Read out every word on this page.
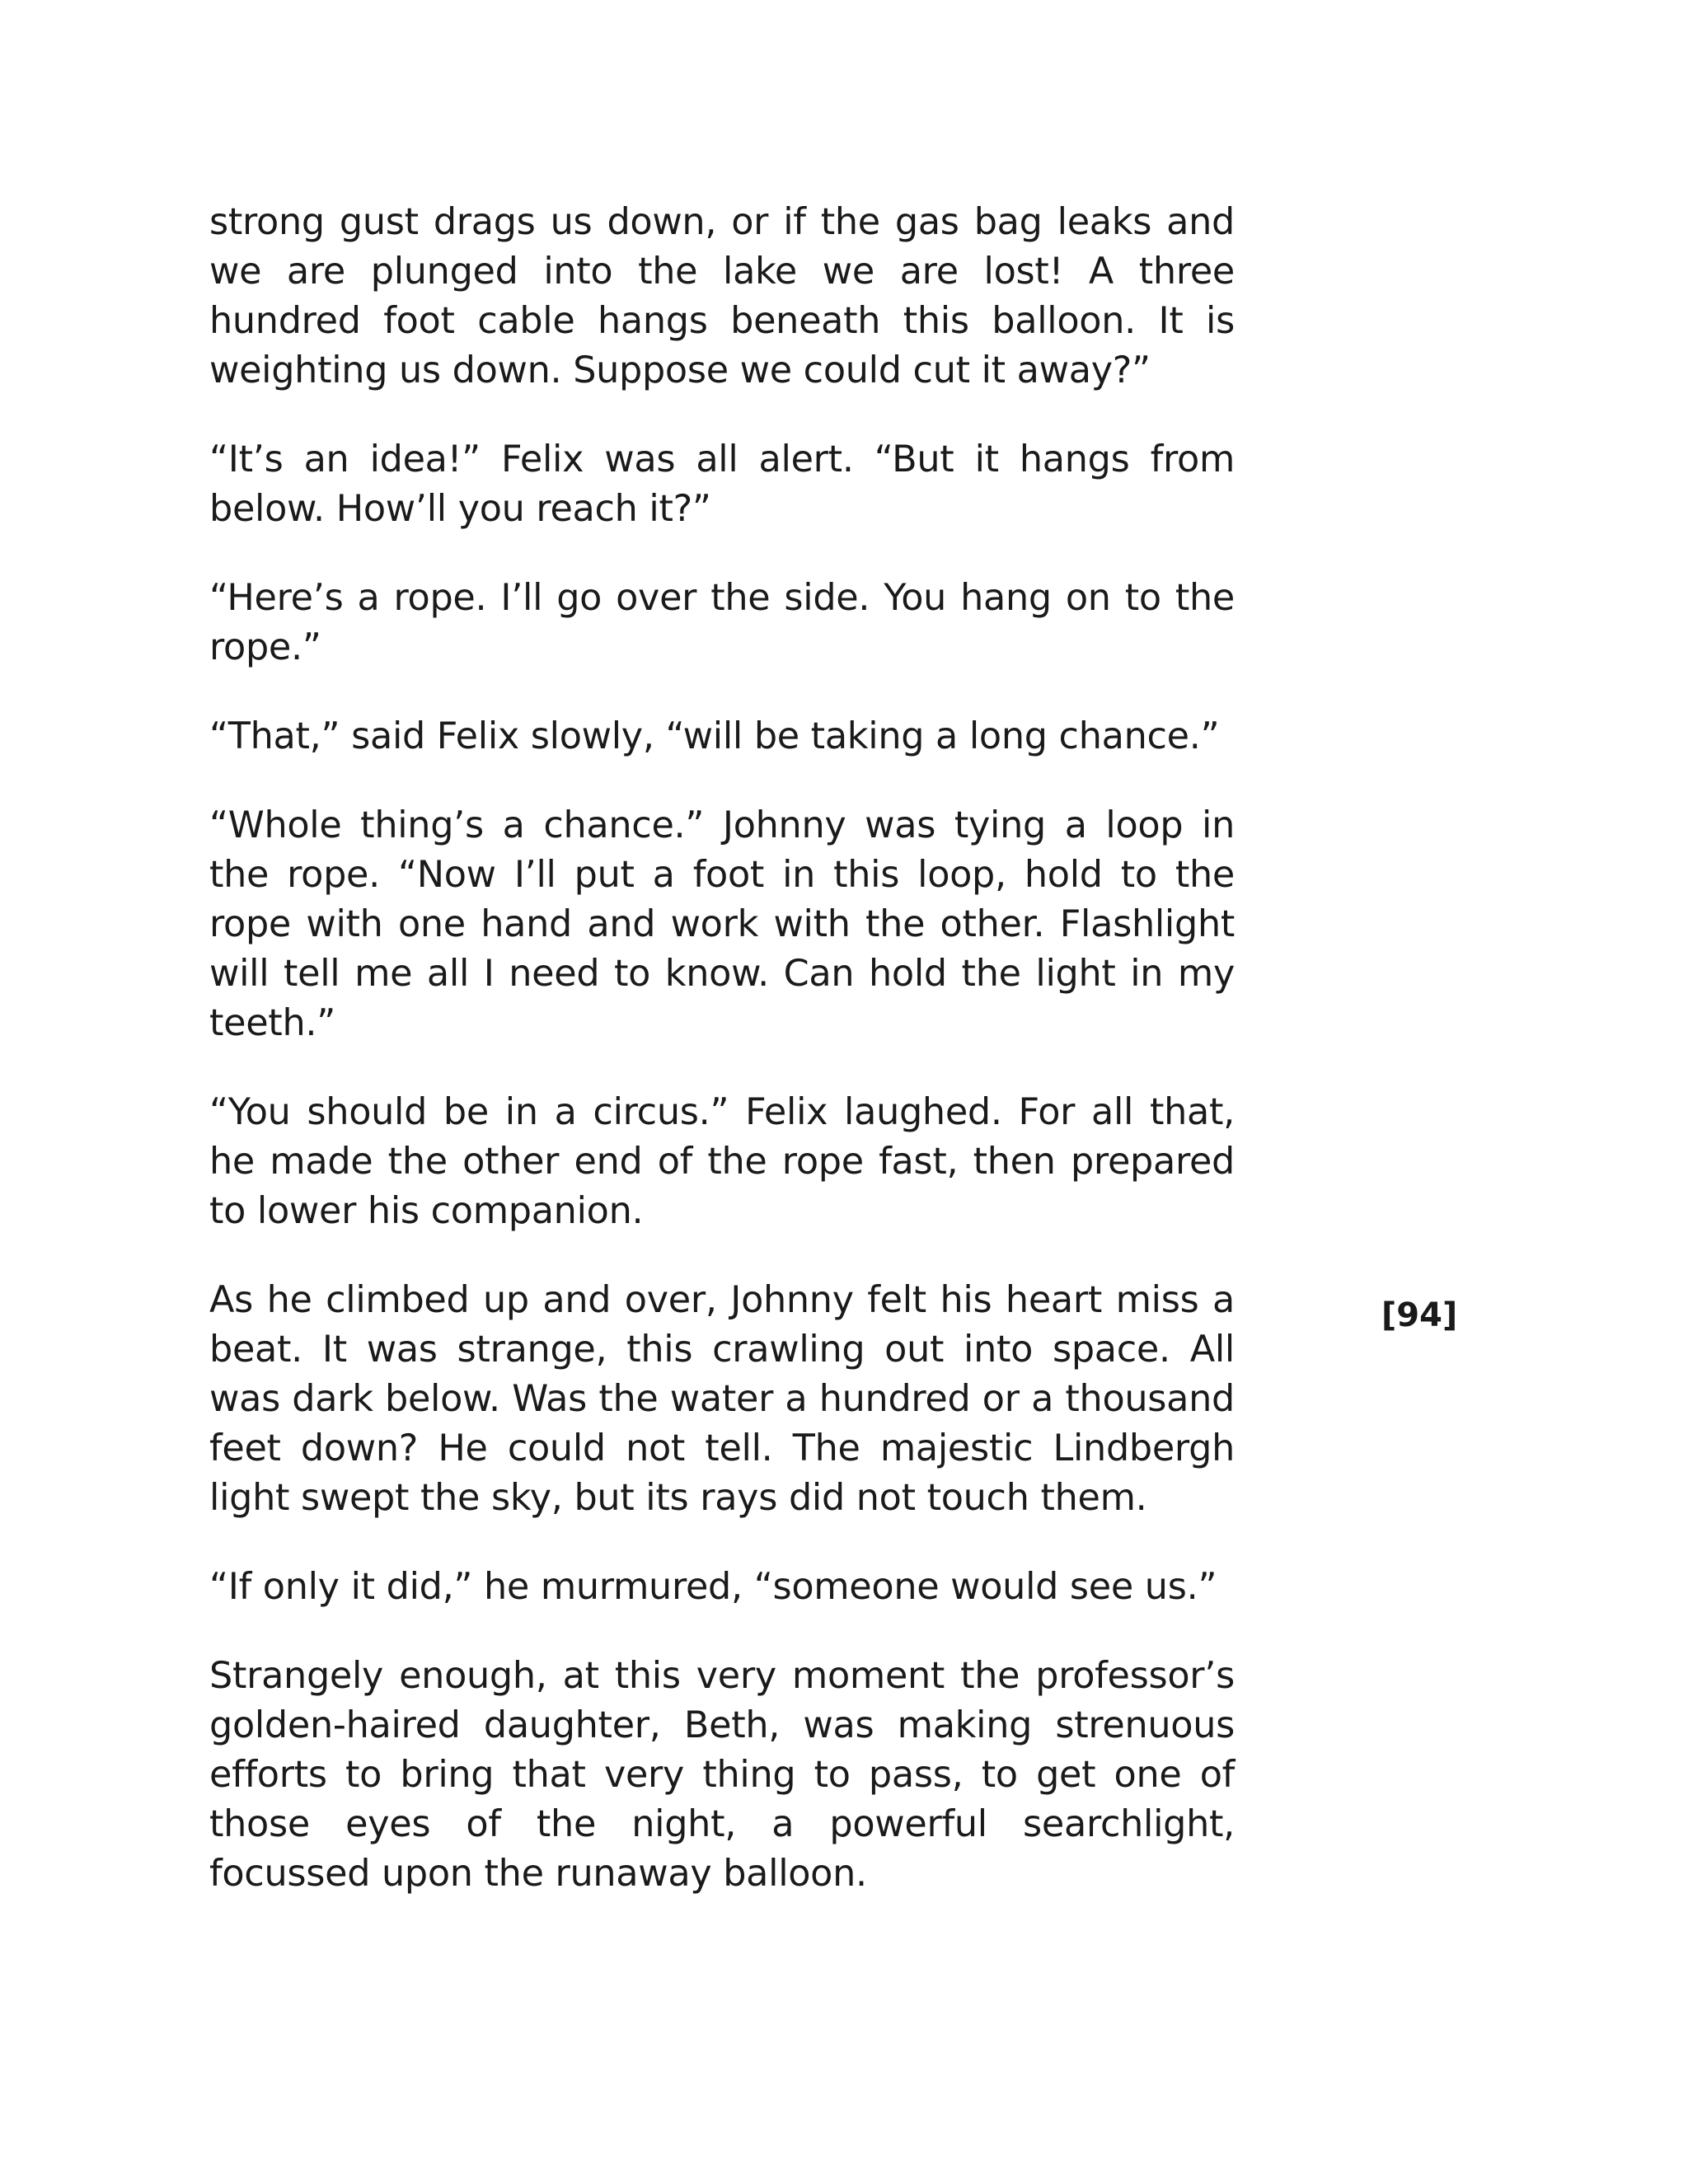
strong gust drags us down, or if the gas bag leaks and we are plunged into the lake we are lost! A three hundred foot cable hangs beneath this balloon. It is weighting us down. Suppose we could cut it away?”

“It’s an idea!” Felix was all alert. “But it hangs from below. How’ll you reach it?”

“Here’s a rope. I’ll go over the side. You hang on to the rope.”

“That,” said Felix slowly, “will be taking a long chance.”

“Whole thing’s a chance.” Johnny was tying a loop in the rope. “Now I’ll put a foot in this loop, hold to the rope with one hand and work with the other. Flashlight will tell me all I need to know. Can hold the light in my teeth.”

“You should be in a circus.” Felix laughed. For all that, he made the other end of the rope fast, then prepared to lower his companion.

As he climbed up and over, Johnny felt his heart miss a beat. It was strange, this crawling out into space. All was dark below. Was the water a hundred or a thousand feet down? He could not tell. The majestic Lindbergh light swept the sky, but its rays did not touch them.

“If only it did,” he murmured, “someone would see us.”

Strangely enough, at this very moment the professor’s golden-haired daughter, Beth, was making strenuous efforts to bring that very thing to pass, to get one of those eyes of the night, a powerful searchlight, focussed upon the runaway balloon.

[94]
